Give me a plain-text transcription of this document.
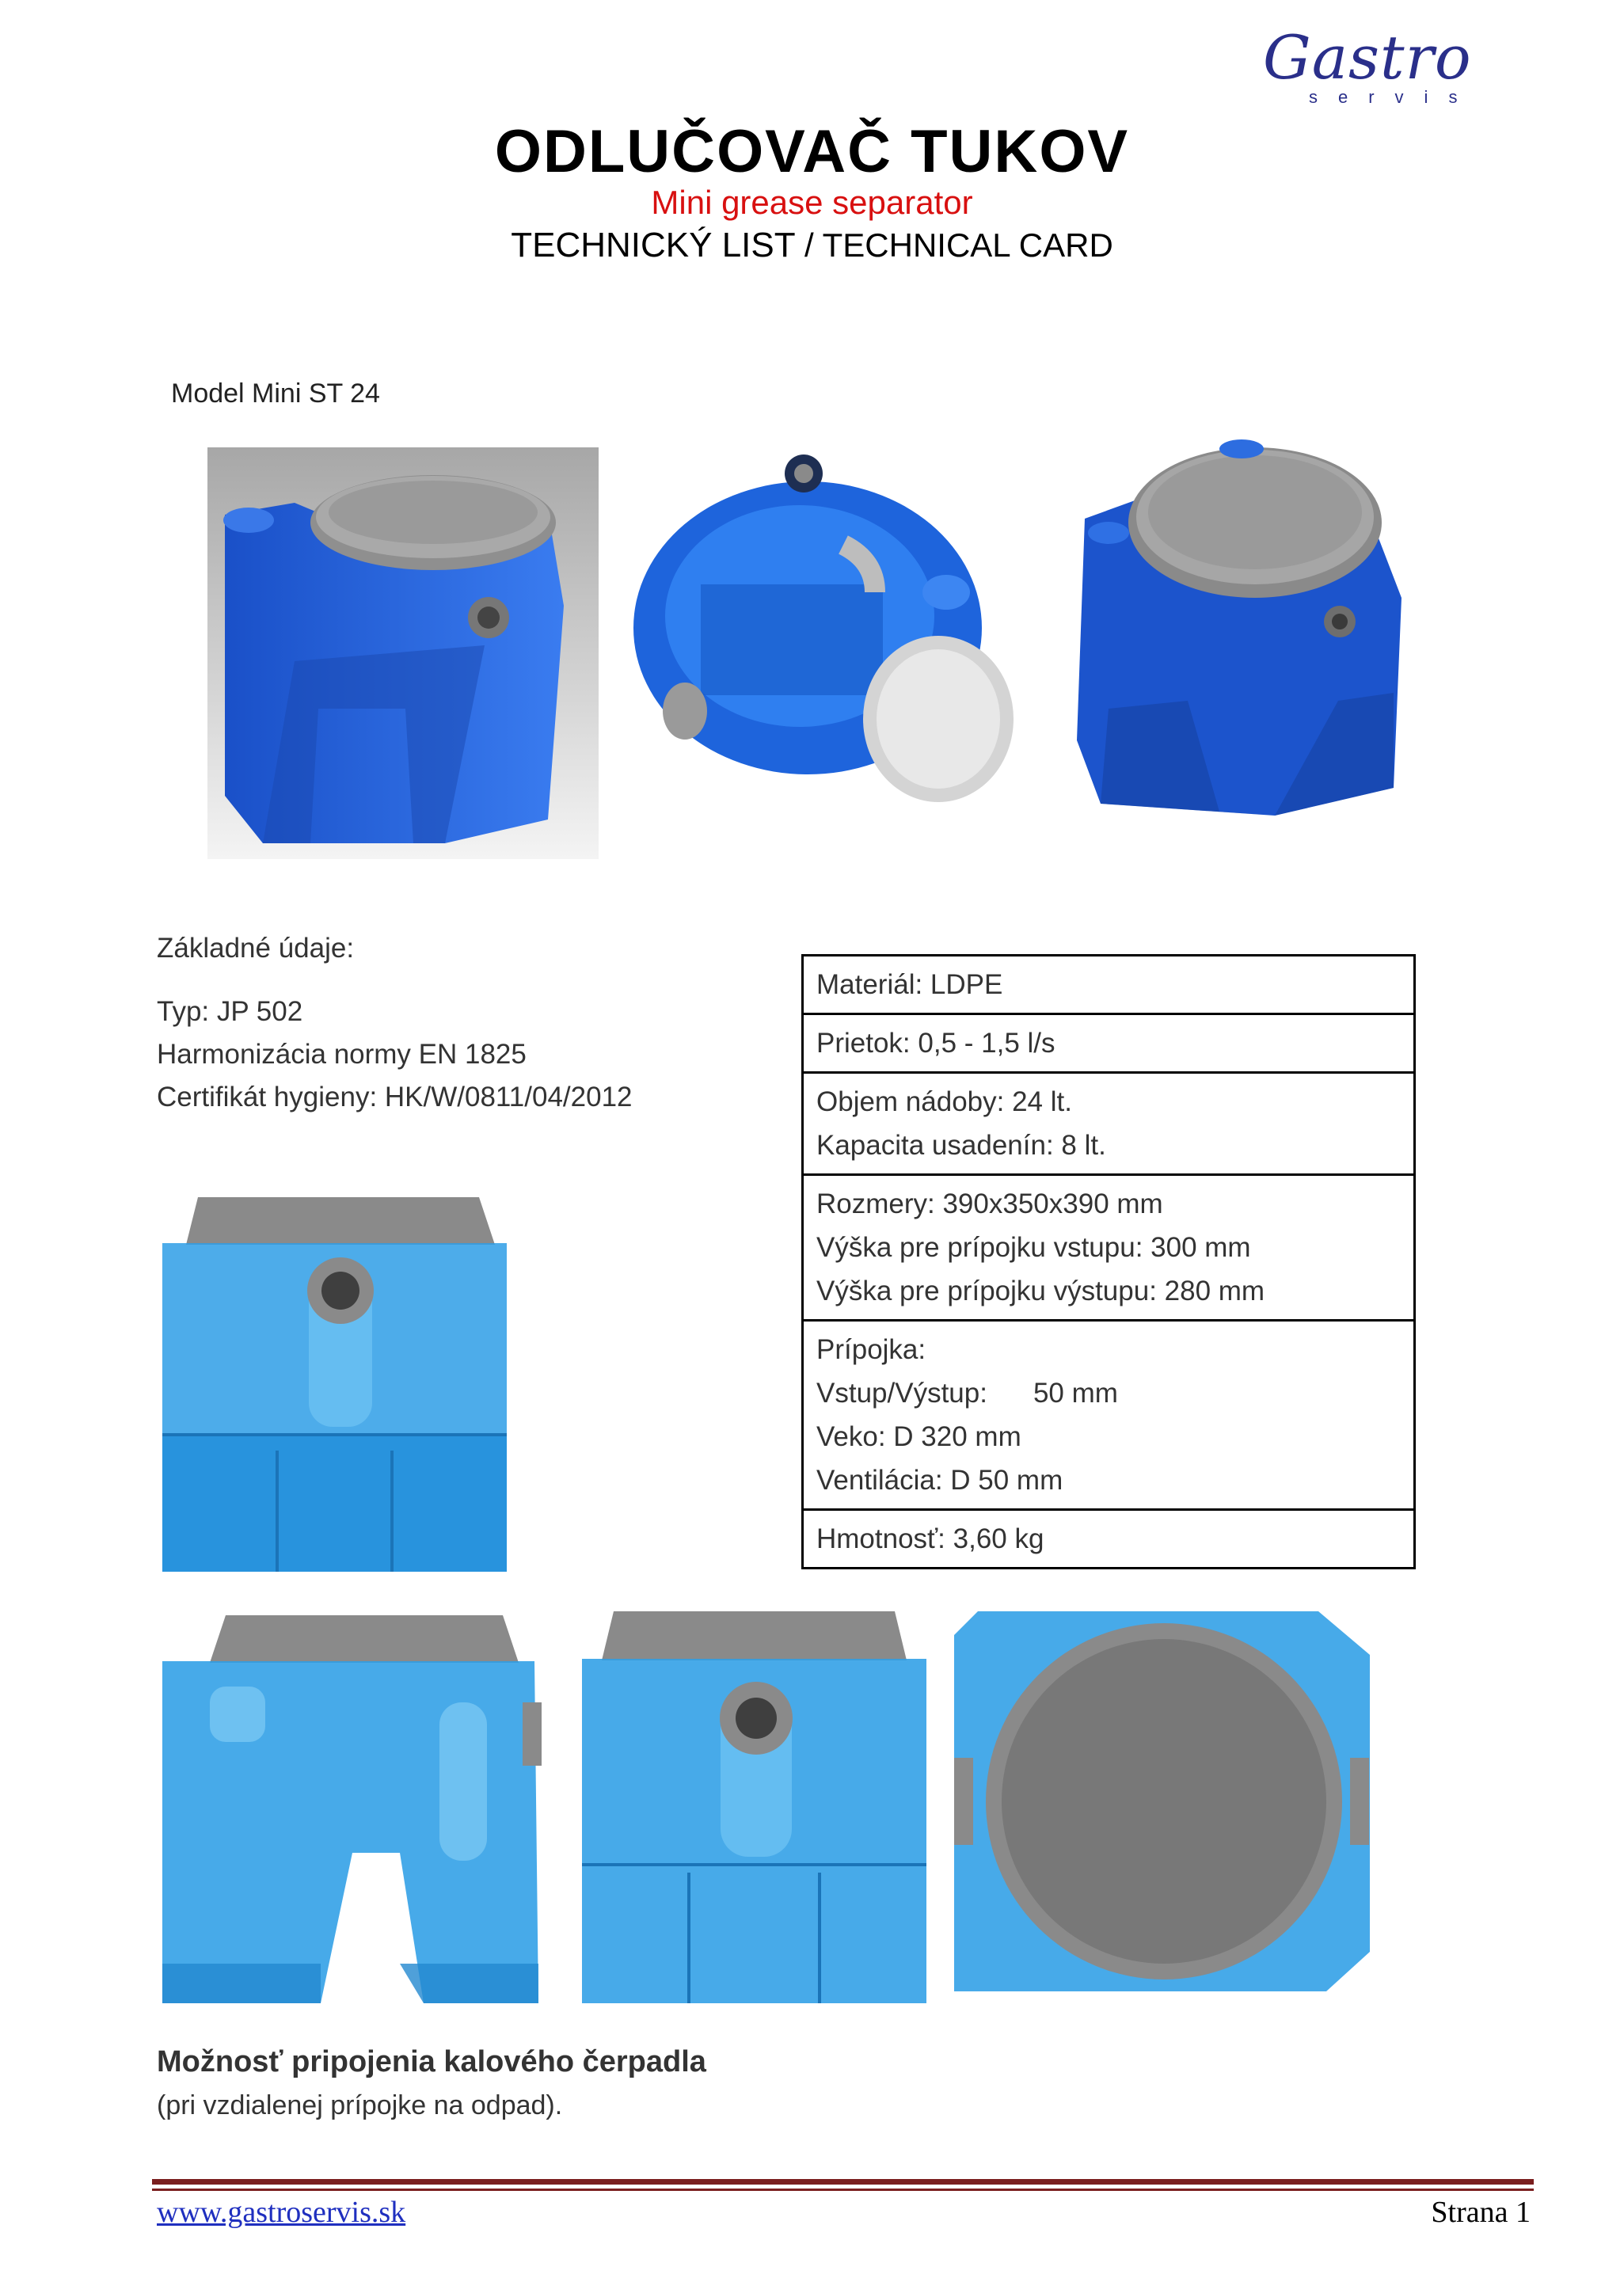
Gastro
servis
ODLUČOVAČ TUKOV
Mini grease separator
TECHNICKÝ LIST / TECHNICAL CARD
Model Mini ST 24
Základné údaje:
Typ: JP 502
Harmonizácia normy EN 1825
Certifikát hygieny: HK/W/0811/04/2012
Materiál: LDPE
Prietok: 0,5 - 1,5 l/s
Objem nádoby: 24 lt.
Kapacita usadenín: 8 lt.
Rozmery: 390x350x390 mm
Výška pre prípojku vstupu: 300 mm
Výška pre prípojku výstupu: 280 mm
Prípojka:
Vstup/Výstup: 50 mm
Veko: D 320 mm
Ventilácia: D 50 mm
Hmotnosť: 3,60 kg
Možnosť pripojenia kalového čerpadla
(pri vzdialenej prípojke na odpad).
www.gastroservis.sk	Strana 1
